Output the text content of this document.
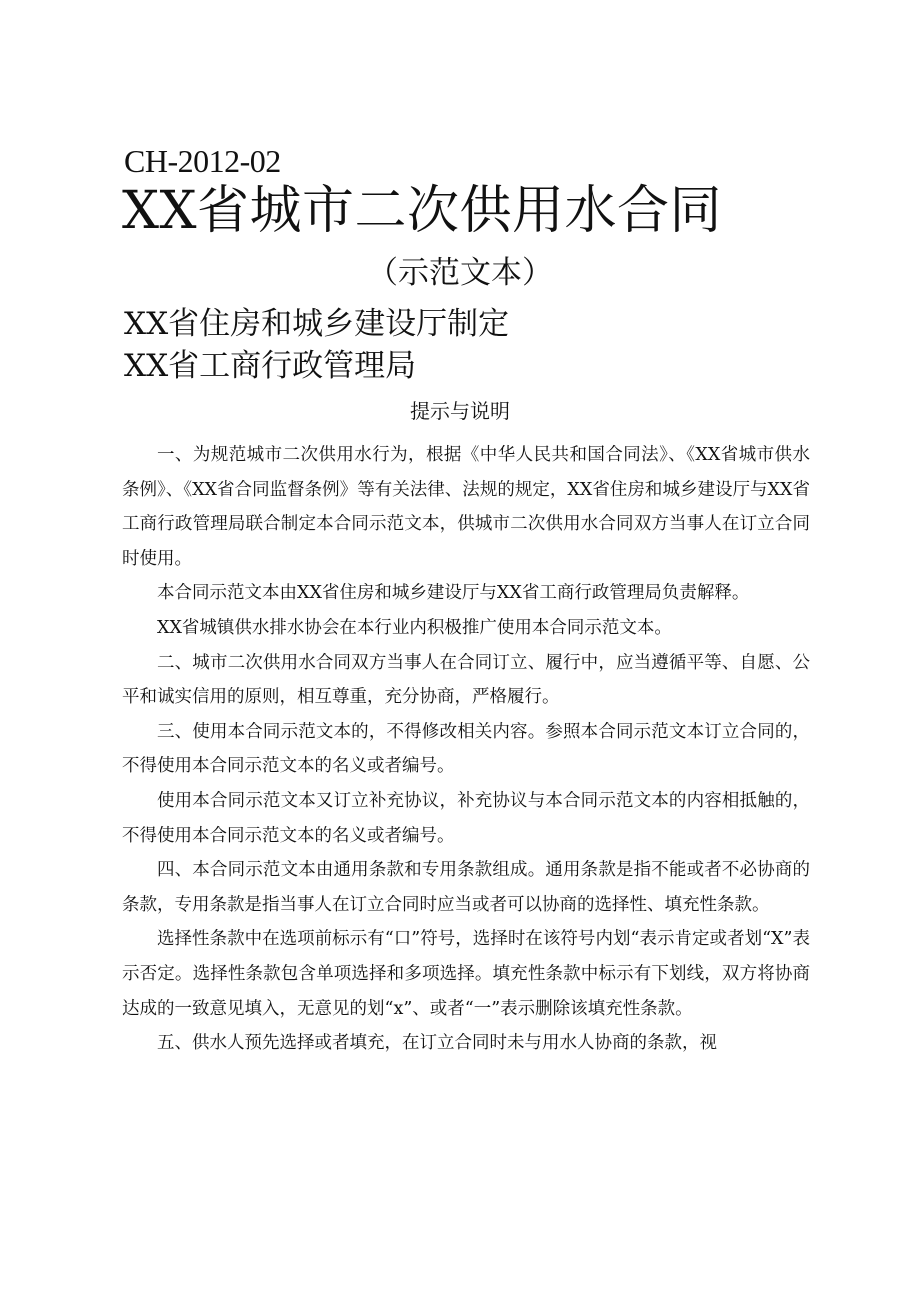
CH-2012-02
XX省城市二次供用水合同
（示范文本）
XX省住房和城乡建设厅制定
XX省工商行政管理局
提示与说明

一、为规范城市二次供用水行为，根据《中华人民共和国合同法》、《XX省城市供水条例》、《XX省合同监督条例》等有关法律、法规的规定，XX省住房和城乡建设厅与XX省工商行政管理局联合制定本合同示范文本，供城市二次供用水合同双方当事人在订立合同时使用。

本合同示范文本由XX省住房和城乡建设厅与XX省工商行政管理局负责解释。

XX省城镇供水排水协会在本行业内积极推广使用本合同示范文本。

二、城市二次供用水合同双方当事人在合同订立、履行中，应当遵循平等、自愿、公平和诚实信用的原则，相互尊重，充分协商，严格履行。

三、使用本合同示范文本的，不得修改相关内容。参照本合同示范文本订立合同的，不得使用本合同示范文本的名义或者编号。

使用本合同示范文本又订立补充协议，补充协议与本合同示范文本的内容相抵触的，不得使用本合同示范文本的名义或者编号。

四、本合同示范文本由通用条款和专用条款组成。通用条款是指不能或者不必协商的条款，专用条款是指当事人在订立合同时应当或者可以协商的选择性、填充性条款。

选择性条款中在选项前标示有“口”符号，选择时在该符号内划“表示肯定或者划“X”表示否定。选择性条款包含单项选择和多项选择。填充性条款中标示有下划线，双方将协商达成的一致意见填入，无意见的划“x”、或者“一”表示删除该填充性条款。

五、供水人预先选择或者填充，在订立合同时未与用水人协商的条款，视
